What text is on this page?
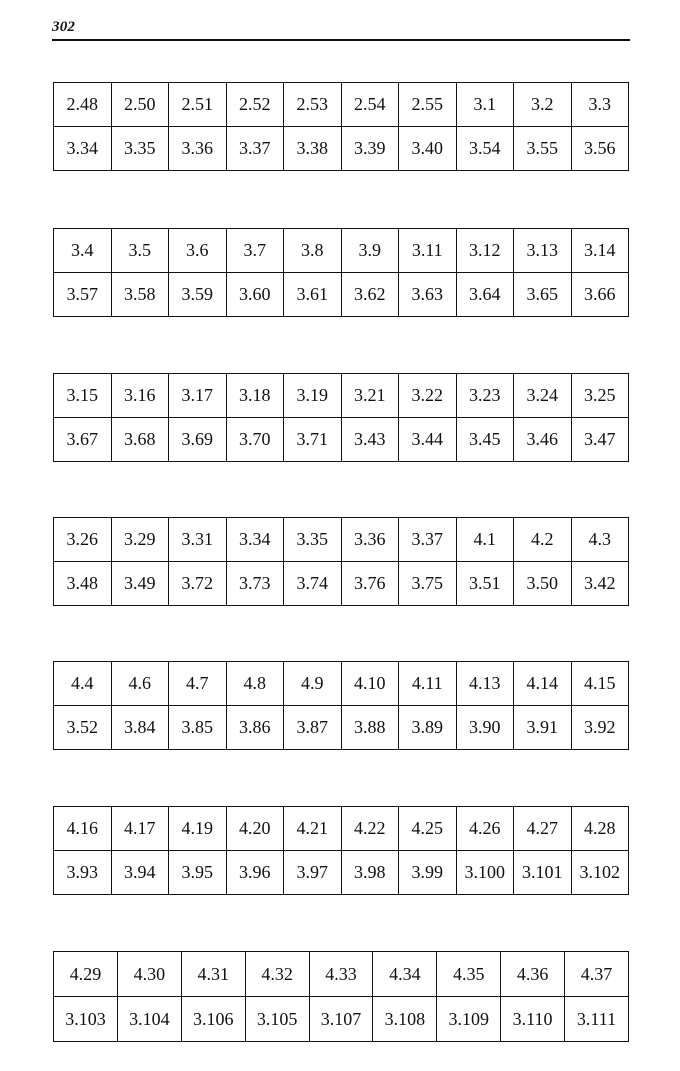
302
2.48	2.50	2.51	2.52	2.53	2.54	2.55	3.1	3.2	3.3
3.34	3.35	3.36	3.37	3.38	3.39	3.40	3.54	3.55	3.56
3.4	3.5	3.6	3.7	3.8	3.9	3.11	3.12	3.13	3.14
3.57	3.58	3.59	3.60	3.61	3.62	3.63	3.64	3.65	3.66
3.15	3.16	3.17	3.18	3.19	3.21	3.22	3.23	3.24	3.25
3.67	3.68	3.69	3.70	3.71	3.43	3.44	3.45	3.46	3.47
3.26	3.29	3.31	3.34	3.35	3.36	3.37	4.1	4.2	4.3
3.48	3.49	3.72	3.73	3.74	3.76	3.75	3.51	3.50	3.42
4.4	4.6	4.7	4.8	4.9	4.10	4.11	4.13	4.14	4.15
3.52	3.84	3.85	3.86	3.87	3.88	3.89	3.90	3.91	3.92
4.16	4.17	4.19	4.20	4.21	4.22	4.25	4.26	4.27	4.28
3.93	3.94	3.95	3.96	3.97	3.98	3.99	3.100	3.101	3.102
4.29	4.30	4.31	4.32	4.33	4.34	4.35	4.36	4.37
3.103	3.104	3.106	3.105	3.107	3.108	3.109	3.110	3.111
